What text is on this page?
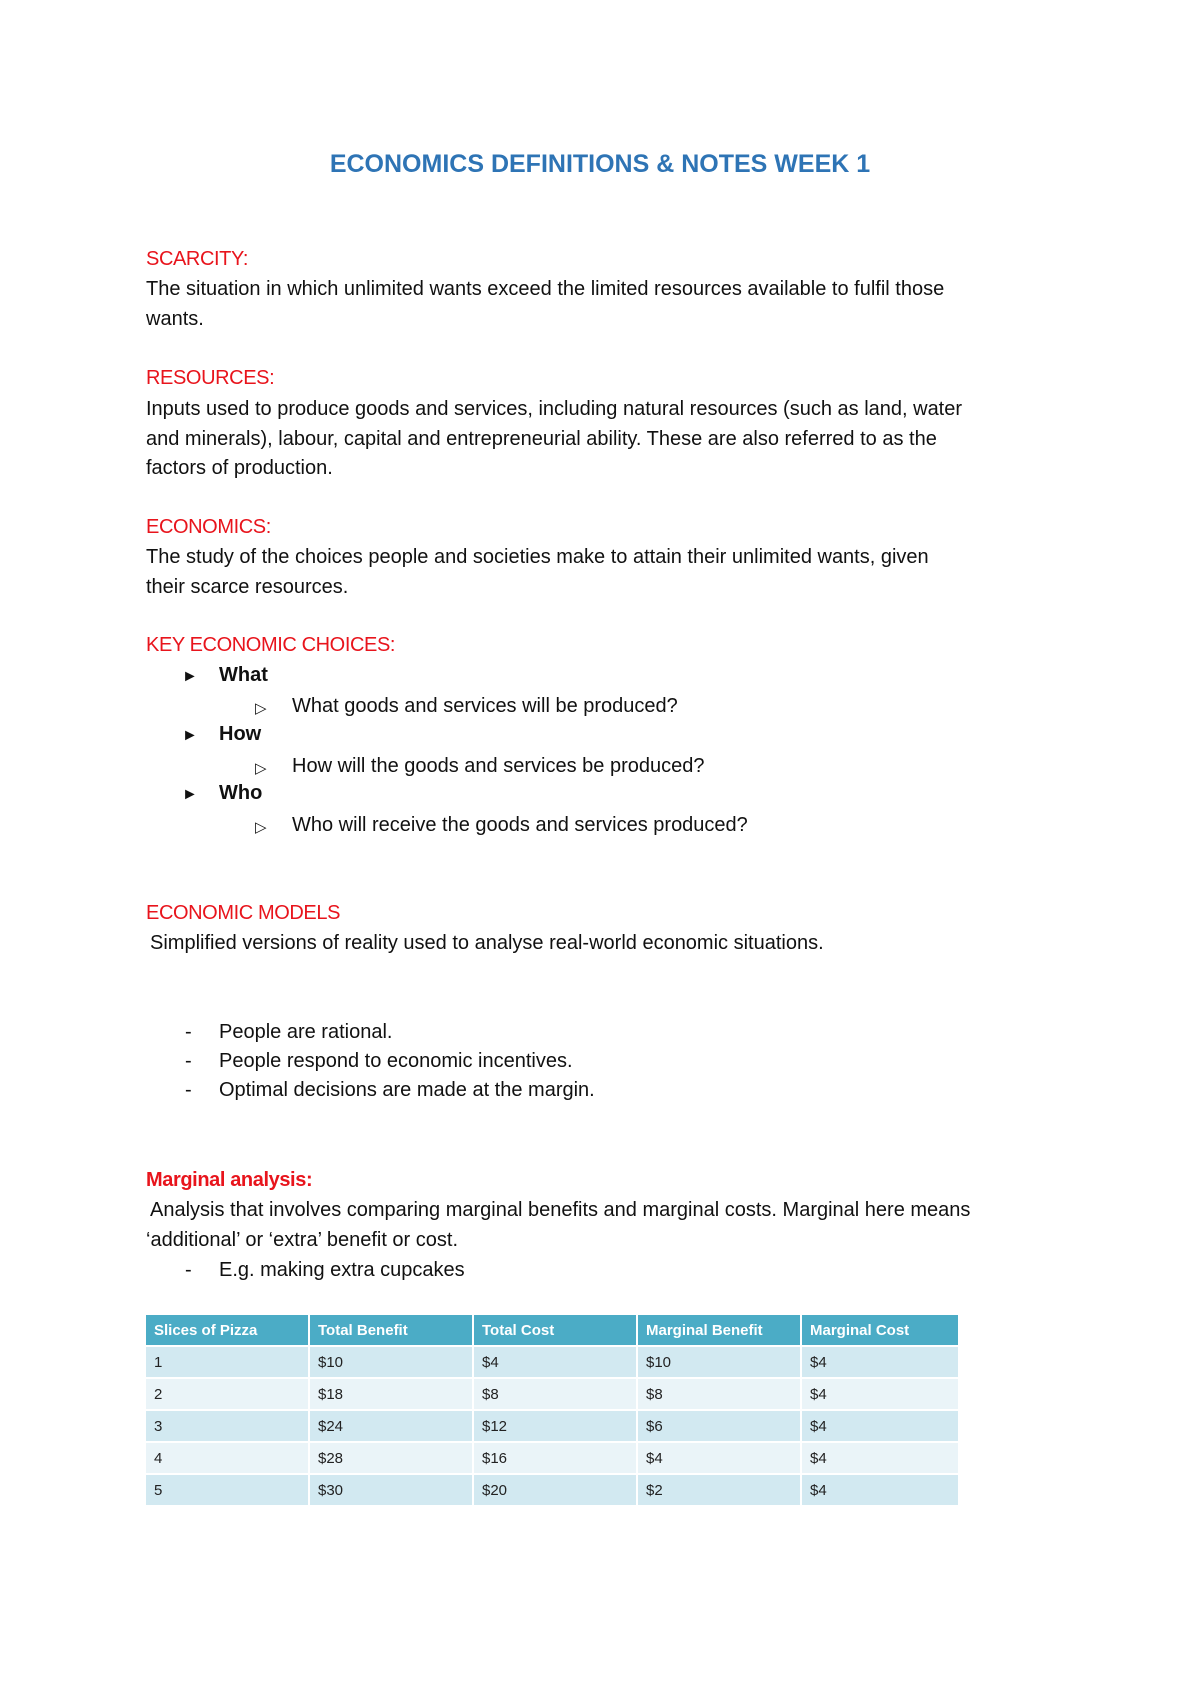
ECONOMICS DEFINITIONS & NOTES WEEK 1
SCARCITY:
The situation in which unlimited wants exceed the limited resources available to fulfil those
wants.
RESOURCES:
Inputs used to produce goods and services, including natural resources (such as land, water
and minerals), labour, capital and entrepreneurial ability. These are also referred to as the
factors of production.
ECONOMICS:
The study of the choices people and societies make to attain their unlimited wants, given
their scarce resources.
KEY ECONOMIC CHOICES:
► What
▷ What goods and services will be produced?
► How
▷ How will the goods and services be produced?
► Who
▷ Who will receive the goods and services produced?
ECONOMIC MODELS
Simplified versions of reality used to analyse real-world economic situations.
- People are rational.
- People respond to economic incentives.
- Optimal decisions are made at the margin.
Marginal analysis:
Analysis that involves comparing marginal benefits and marginal costs. Marginal here means
‘additional’ or ‘extra’ benefit or cost.
- E.g. making extra cupcakes
Slices of Pizza	Total Benefit	Total Cost	Marginal Benefit	Marginal Cost
1	$10	$4	$10	$4
2	$18	$8	$8	$4
3	$24	$12	$6	$4
4	$28	$16	$4	$4
5	$30	$20	$2	$4
